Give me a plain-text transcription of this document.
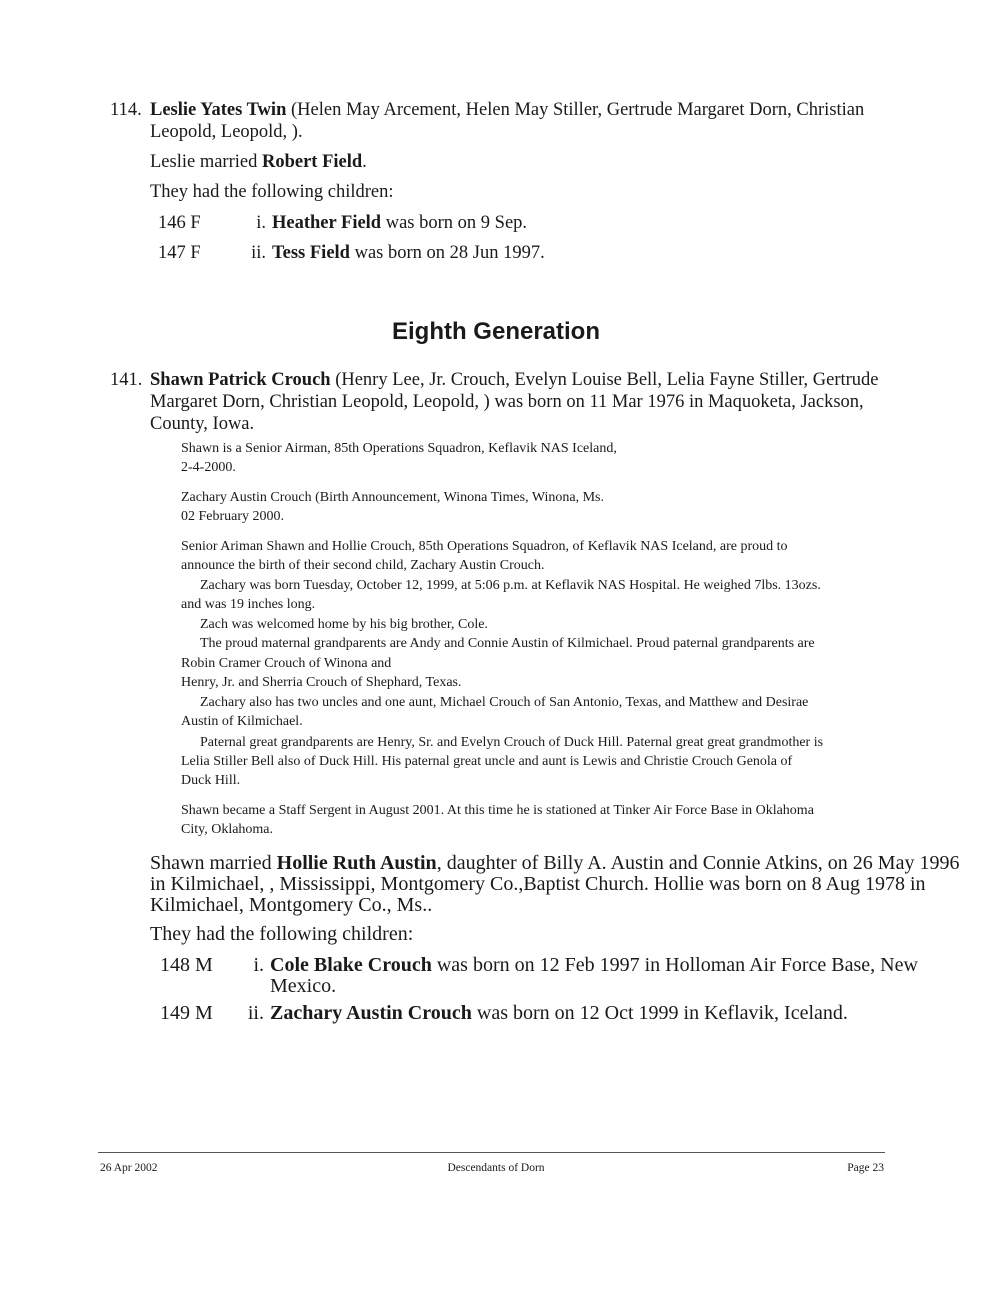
114. Leslie Yates Twin (Helen May Arcement, Helen May Stiller, Gertrude Margaret Dorn, Christian
Leopold, Leopold, ).
Leslie married Robert Field.
They had the following children:
146 F	i. Heather Field was born on 9 Sep.
147 F	ii. Tess Field was born on 28 Jun 1997.
Eighth Generation
141. Shawn Patrick Crouch (Henry Lee, Jr. Crouch, Evelyn Louise Bell, Lelia Fayne Stiller, Gertrude
Margaret Dorn, Christian Leopold, Leopold, ) was born on 11 Mar 1976 in Maquoketa, Jackson,
County, Iowa.
Shawn is a Senior Airman, 85th Operations Squadron, Keflavik NAS Iceland,
2-4-2000.
Zachary Austin Crouch (Birth Announcement, Winona Times, Winona, Ms.
02 February 2000.
Senior Ariman Shawn and Hollie Crouch, 85th Operations Squadron, of Keflavik NAS Iceland, are proud to
announce the birth of their second child, Zachary Austin Crouch.
Zachary was born Tuesday, October 12, 1999, at 5:06 p.m. at Keflavik NAS Hospital. He weighed 7lbs. 13ozs.
and was 19 inches long.
Zach was welcomed home by his big brother, Cole.
The proud maternal grandparents are Andy and Connie Austin of Kilmichael. Proud paternal grandparents are
Robin Cramer Crouch of Winona and
Henry, Jr. and Sherria Crouch of Shephard, Texas.
Zachary also has two uncles and one aunt, Michael Crouch of San Antonio, Texas, and Matthew and Desirae
Austin of Kilmichael.
Paternal great grandparents are Henry, Sr. and Evelyn Crouch of Duck Hill. Paternal great great grandmother is
Lelia Stiller Bell also of Duck Hill. His paternal great uncle and aunt is Lewis and Christie Crouch Genola of
Duck Hill.
Shawn became a Staff Sergent in August 2001. At this time he is stationed at Tinker Air Force Base in Oklahoma
City, Oklahoma.
Shawn married Hollie Ruth Austin, daughter of Billy A. Austin and Connie Atkins, on 26 May 1996
in Kilmichael, , Mississippi, Montgomery Co.,Baptist Church. Hollie was born on 8 Aug 1978 in
Kilmichael, Montgomery Co., Ms..
They had the following children:
148 M	i. Cole Blake Crouch was born on 12 Feb 1997 in Holloman Air Force Base, New
Mexico.
149 M	ii. Zachary Austin Crouch was born on 12 Oct 1999 in Keflavik, Iceland.
26 Apr 2002	Descendants of Dorn	Page 23
